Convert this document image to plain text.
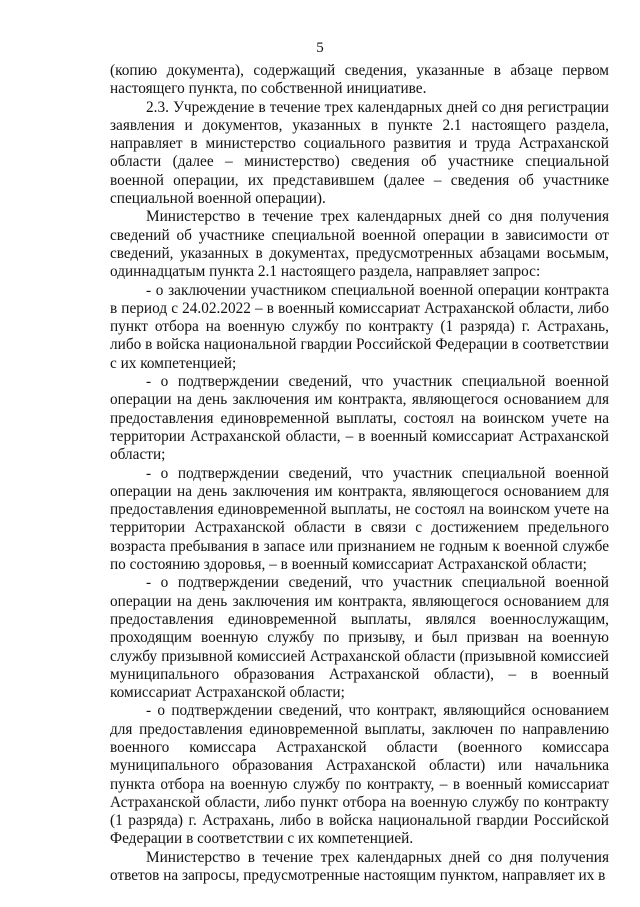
5

(копию документа), содержащий сведения, указанные в абзаце первом настоящего пункта, по собственной инициативе.

2.3. Учреждение в течение трех календарных дней со дня регистрации заявления и документов, указанных в пункте 2.1 настоящего раздела, направляет в министерство социального развития и труда Астраханской области (далее – министерство) сведения об участнике специальной военной операции, их представившем (далее – сведения об участнике специальной военной операции).

Министерство в течение трех календарных дней со дня получения сведений об участнике специальной военной операции в зависимости от сведений, указанных в документах, предусмотренных абзацами восьмым, одиннадцатым пункта 2.1 настоящего раздела, направляет запрос:

- о заключении участником специальной военной операции контракта в период с 24.02.2022 – в военный комиссариат Астраханской области, либо пункт отбора на военную службу по контракту (1 разряда) г. Астрахань, либо в войска национальной гвардии Российской Федерации в соответствии с их компетенцией;

- о подтверждении сведений, что участник специальной военной операции на день заключения им контракта, являющегося основанием для предоставления единовременной выплаты, состоял на воинском учете на территории Астраханской области, – в военный комиссариат Астраханской области;

- о подтверждении сведений, что участник специальной военной операции на день заключения им контракта, являющегося основанием для предоставления единовременной выплаты, не состоял на воинском учете на территории Астраханской области в связи с достижением предельного возраста пребывания в запасе или признанием не годным к военной службе по состоянию здоровья, – в военный комиссариат Астраханской области;

- о подтверждении сведений, что участник специальной военной операции на день заключения им контракта, являющегося основанием для предоставления единовременной выплаты, являлся военнослужащим, проходящим военную службу по призыву, и был призван на военную службу призывной комиссией Астраханской области (призывной комиссией муниципального образования Астраханской области), – в военный комиссариат Астраханской области;

- о подтверждении сведений, что контракт, являющийся основанием для предоставления единовременной выплаты, заключен по направлению военного комиссара Астраханской области (военного комиссара муниципального образования Астраханской области) или начальника пункта отбора на военную службу по контракту, – в военный комиссариат Астраханской области, либо пункт отбора на военную службу по контракту (1 разряда) г. Астрахань, либо в войска национальной гвардии Российской Федерации в соответствии с их компетенцией.

Министерство в течение трех календарных дней со дня получения ответов на запросы, предусмотренные настоящим пунктом, направляет их в
